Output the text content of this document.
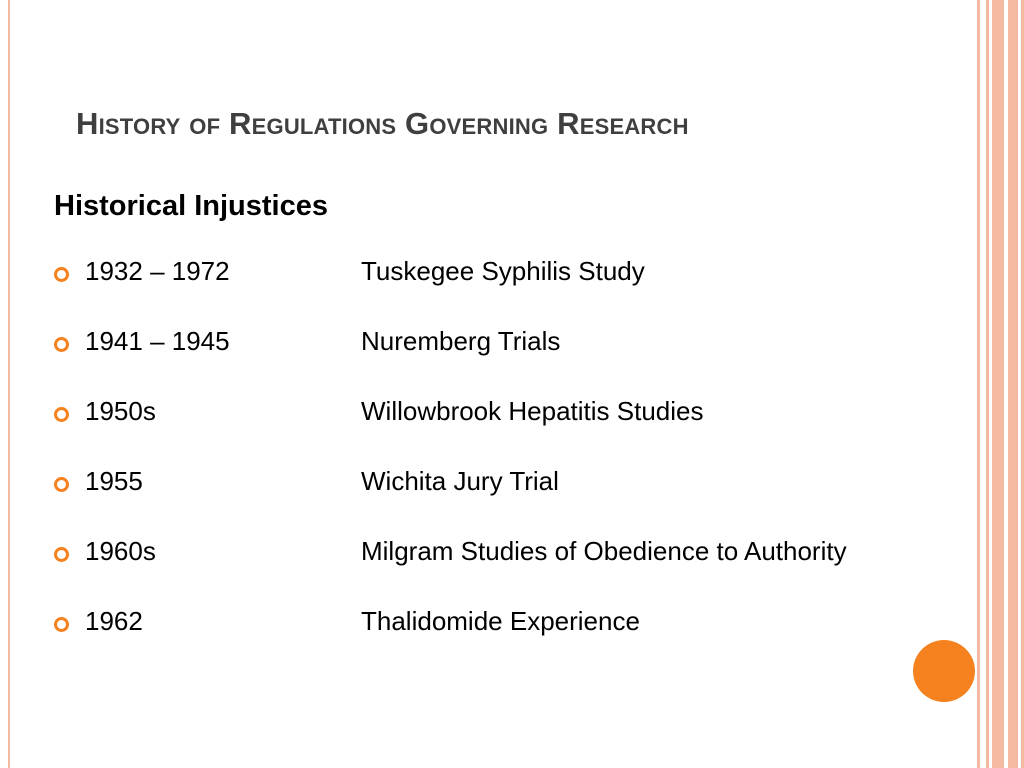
History of Regulations Governing Research
Historical Injustices
1932 – 1972	Tuskegee Syphilis Study
1941 – 1945	Nuremberg Trials
1950s	Willowbrook Hepatitis Studies
1955	Wichita Jury Trial
1960s	Milgram Studies of Obedience to Authority
1962	Thalidomide Experience
